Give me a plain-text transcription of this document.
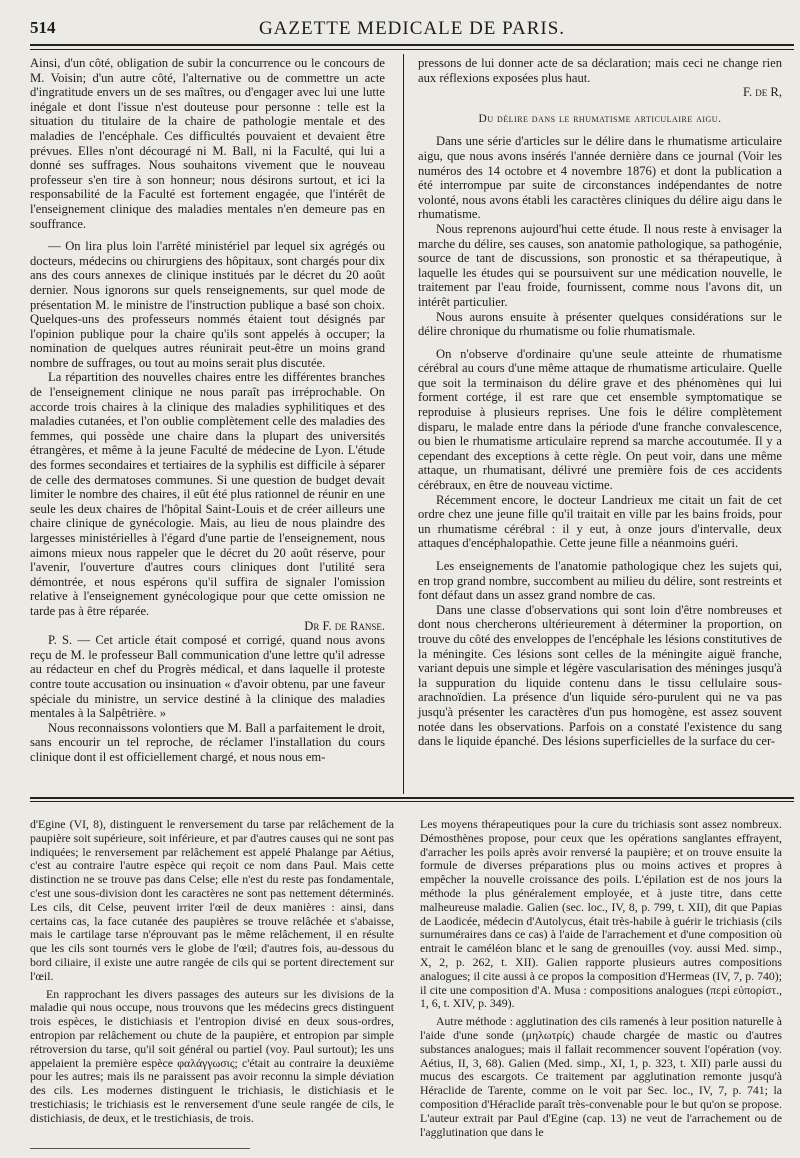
514	GAZETTE MEDICALE DE PARIS.

Ainsi, d'un côté, obligation de subir la concurrence ou le concours de M. Voisin; d'un autre côté, l'alternative ou de commettre un acte d'ingratitude envers un de ses maîtres, ou d'engager avec lui une lutte inégale et dont l'issue n'est douteuse pour personne : telle est la situation du titulaire de la chaire de pathologie mentale et des maladies de l'encéphale. Ces difficultés pouvaient et devaient être prévues. Elles n'ont découragé ni M. Ball, ni la Faculté, qui lui a donné ses suffrages. Nous souhaitons vivement que le nouveau professeur s'en tire à son honneur; nous désirons surtout, et ici la responsabilité de la Faculté est fortement engagée, que l'intérêt de l'enseignement clinique des maladies mentales n'en demeure pas en souffrance.

— On lira plus loin l'arrêté ministériel par lequel six agrégés ou docteurs, médecins ou chirurgiens des hôpitaux, sont chargés pour dix ans des cours annexes de clinique institués par le décret du 20 août dernier. Nous ignorons sur quels renseignements, sur quel mode de présentation M. le ministre de l'instruction publique a basé son choix. Quelques-uns des professeurs nommés étaient tout désignés par l'opinion publique pour la chaire qu'ils sont appelés à occuper; la nomination de quelques autres réunirait peut-être un moins grand nombre de suffrages, ou tout au moins serait plus discutée.

La répartition des nouvelles chaires entre les différentes branches de l'enseignement clinique ne nous paraît pas irréprochable. On accorde trois chaires à la clinique des maladies syphilitiques et des maladies cutanées, et l'on oublie complètement celle des maladies des femmes, qui possède une chaire dans la plupart des universités étrangères, et même à la jeune Faculté de médecine de Lyon. L'étude des formes secondaires et tertiaires de la syphilis est difficile à séparer de celle des dermatoses communes. Si une question de budget devait limiter le nombre des chaires, il eût été plus rationnel de réunir en une seule les deux chaires de l'hôpital Saint-Louis et de créer ailleurs une chaire clinique de gynécologie. Mais, au lieu de nous plaindre des largesses ministérielles à l'égard d'une partie de l'enseignement, nous aimons mieux nous rappeler que le décret du 20 août réserve, pour l'avenir, l'ouverture d'autres cours cliniques dont l'utilité sera démontrée, et nous espérons qu'il suffira de signaler l'omission relative à l'enseignement gynécologique pour que cette omission ne tarde pas à être réparée.

Dr F. de Ranse.

P. S. — Cet article était composé et corrigé, quand nous avons reçu de M. le professeur Ball communication d'une lettre qu'il adresse au rédacteur en chef du Progrès médical, et dans laquelle il proteste contre toute accusation ou insinuation « d'avoir obtenu, par une faveur spéciale du ministre, un service destiné à la clinique des maladies mentales à la Salpêtrière. »

Nous reconnaissons volontiers que M. Ball a parfaitement le droit, sans encourir un tel reproche, de réclamer l'installation du cours clinique dont il est officiellement chargé, et nous nous em-

pressons de lui donner acte de sa déclaration; mais ceci ne change rien aux réflexions exposées plus haut.

F. de R,

Du délire dans le rhumatisme articulaire aigu.

Dans une série d'articles sur le délire dans le rhumatisme articulaire aigu, que nous avons insérés l'année dernière dans ce journal (Voir les numéros des 14 octobre et 4 novembre 1876) et dont la publication a été interrompue par suite de circonstances indépendantes de notre volonté, nous avons établi les caractères cliniques du délire aigu dans le rhumatisme.

Nous reprenons aujourd'hui cette étude. Il nous reste à envisager la marche du délire, ses causes, son anatomie pathologique, sa pathogénie, source de tant de discussions, son pronostic et sa thérapeutique, à laquelle les études qui se poursuivent sur une médication nouvelle, le traitement par l'eau froide, fournissent, comme nous l'avons dit, un intérêt particulier.

Nous aurons ensuite à présenter quelques considérations sur le délire chronique du rhumatisme ou folie rhumatismale.

On n'observe d'ordinaire qu'une seule atteinte de rhumatisme cérébral au cours d'une même attaque de rhumatisme articulaire. Quelle que soit la terminaison du délire grave et des phénomènes qui lui forment cortége, il est rare que cet ensemble symptomatique se reproduise à plusieurs reprises. Une fois le délire complètement disparu, le malade entre dans la période d'une franche convalescence, ou bien le rhumatisme articulaire reprend sa marche accoutumée. Il y a cependant des exceptions à cette règle. On peut voir, dans une même attaque, un rhumatisant, délivré une première fois de ces accidents cérébraux, en être de nouveau victime.

Récemment encore, le docteur Landrieux me citait un fait de cet ordre chez une jeune fille qu'il traitait en ville par les bains froids, pour un rhumatisme cérébral : il y eut, à onze jours d'intervalle, deux attaques d'encéphalopathie. Cette jeune fille a néanmoins guéri.

Les enseignements de l'anatomie pathologique chez les sujets qui, en trop grand nombre, succombent au milieu du délire, sont restreints et font défaut dans un assez grand nombre de cas.

Dans une classe d'observations qui sont loin d'être nombreuses et dont nous chercherons ultérieurement à déterminer la proportion, on trouve du côté des enveloppes de l'encéphale les lésions constitutives de la méningite. Ces lésions sont celles de la méningite aiguë franche, variant depuis une simple et légère vascularisation des méninges jusqu'à la suppuration du liquide contenu dans le tissu cellulaire sous-arachnoïdien. La présence d'un liquide séro-purulent qui ne va pas jusqu'à présenter les caractères d'un pus homogène, est assez souvent notée dans les observations. Parfois on a constaté l'existence du sang dans le liquide épanché. Des lésions superficielles de la surface du cer-

d'Egine (VI, 8), distinguent le renversement du tarse par relâchement de la paupière soit supérieure, soit inférieure, et par d'autres causes qui ne sont pas indiquées; le renversement par relâchement est appelé Phalange par Aétius, c'est au contraire l'autre espèce qui reçoit ce nom dans Paul. Mais cette distinction ne se trouve pas dans Celse; elle n'est du reste pas fondamentale, c'est une sous-division dont les caractères ne sont pas nettement déterminés. Les cils, dit Celse, peuvent irriter l'œil de deux manières : ainsi, dans certains cas, la face cutanée des paupières se trouve relâchée et s'abaisse, mais le cartilage tarse n'éprouvant pas le même relâchement, il en résulte que les cils sont tournés vers le globe de l'œil; d'autres fois, au-dessous du bord ciliaire, il existe une autre rangée de cils qui se portent directement sur l'œil.

En rapprochant les divers passages des auteurs sur les divisions de la maladie qui nous occupe, nous trouvons que les médecins grecs distinguent trois espèces, le distichiasis et l'entropion divisé en deux sous-ordres, entropion par relâchement ou chute de la paupière, et entropion par simple rétroversion du tarse, qu'il soit général ou partiel (voy. Paul surtout); les uns appelaient la première espèce φαλάγγωσις; c'était au contraire la deuxième pour les autres; mais ils ne paraissent pas avoir reconnu la simple déviation des cils. Les modernes distinguent le trichiasis, le distichiasis et le trestichiasis; le trichiasis est le renversement d'une seule rangée de cils, le distichiasis, de deux, et le trestichiasis, de trois.

Les moyens thérapeutiques pour la cure du trichiasis sont assez nombreux. Démosthènes propose, pour ceux que les opérations sanglantes effrayent, d'arracher les poils après avoir renversé la paupière; et on trouve ensuite la formule de diverses préparations plus ou moins actives et propres à empêcher la nouvelle croissance des poils. L'épilation est de nos jours la méthode la plus généralement employée, et à juste titre, dans cette malheureuse maladie. Galien (sec. loc., IV, 8, p. 799, t. XII), dit que Papias de Laodicée, médecin d'Autolycus, était très-habile à guérir le trichiasis (cils surnuméraires dans ce cas) à l'aide de l'arrachement et d'une composition où entrait le caméléon blanc et le sang de grenouilles (voy. aussi Med. simp., X, 2, p. 262, t. XII). Galien rapporte plusieurs autres compositions analogues; il cite aussi à ce propos la composition d'Hermeas (IV, 7, p. 740); il cite une composition d'A. Musa : compositions analogues (περὶ εὐπορίστ., 1, 6, t. XIV, p. 349).

Autre méthode : agglutination des cils ramenés à leur position naturelle à l'aide d'une sonde (μηλωτρίς) chaude chargée de mastic ou d'autres substances analogues; mais il fallait recommencer souvent l'opération (voy. Aétius, II, 3, 68). Galien (Med. simp., XI, 1, p. 323, t. XII) parle aussi du mucus des escargots. Ce traitement par agglutination remonte jusqu'à Héraclide de Tarente, comme on le voit par Sec. loc., IV, 7, p. 741; la composition d'Héraclide paraît très-convenable pour le but qu'on se propose. L'auteur extrait par Paul d'Egine (cap. 13) ne veut de l'arrachement ou de l'agglutination que dans le
